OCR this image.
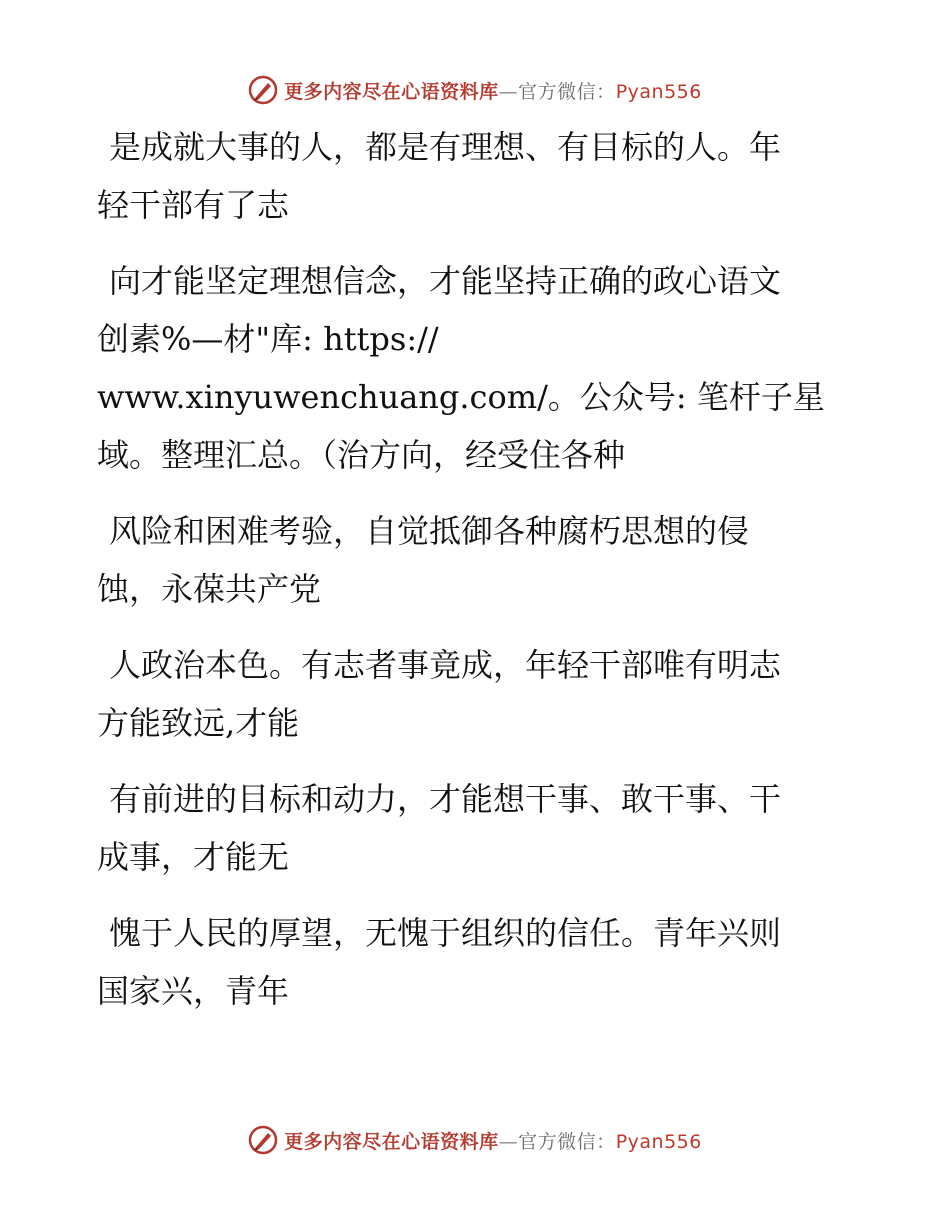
更多内容尽在心语资料库—官方微信：Pyan556
是成就大事的人，都是有理想、有目标的人。年
轻干部有了志
向才能坚定理想信念，才能坚持正确的政心语文
创素%—材"库: https://
www.xinyuwenchuang.com/。公众号: 笔杆子星
域。整理汇总。（治方向，经受住各种
风险和困难考验，自觉抵御各种腐朽思想的侵
蚀，永葆共产党
人政治本色。有志者事竟成，年轻干部唯有明志
方能致远,才能
有前进的目标和动力，才能想干事、敢干事、干
成事，才能无
愧于人民的厚望，无愧于组织的信任。青年兴则
国家兴，青年
更多内容尽在心语资料库—官方微信：Pyan556
